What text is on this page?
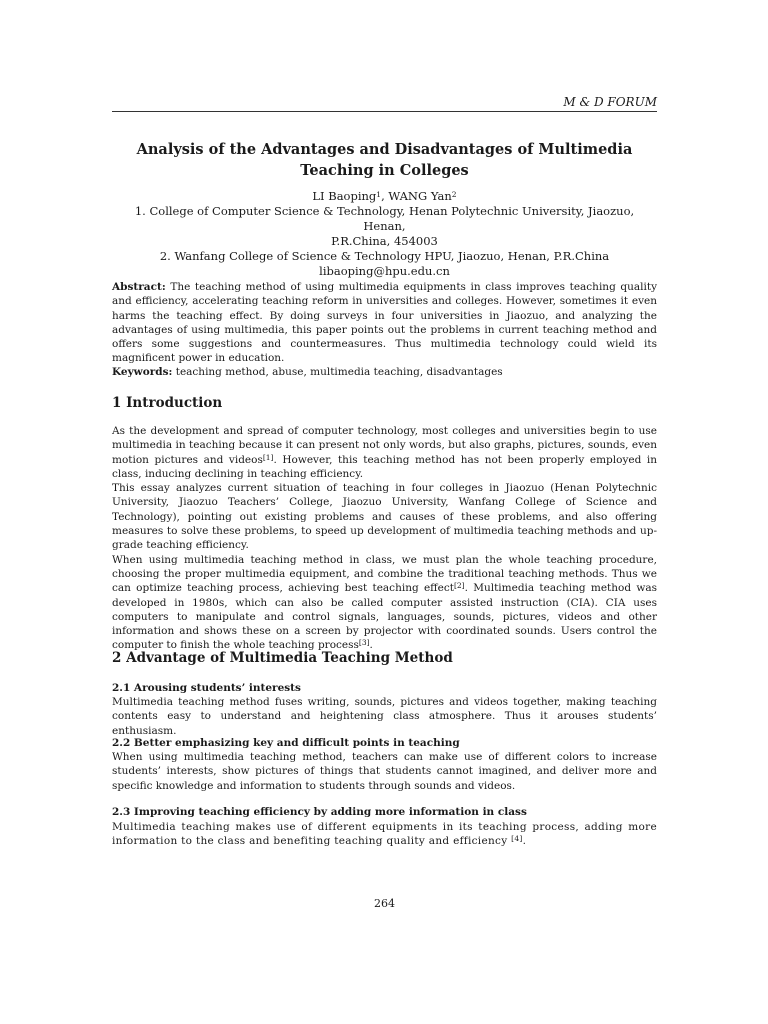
M & D FORUM
Analysis of the Advantages and Disadvantages of Multimedia
Teaching in Colleges
LI Baoping$^1$, WANG Yan$^2$
1. College of Computer Science & Technology, Henan Polytechnic University, Jiaozuo, Henan,
P.R.China, 454003
2. Wanfang College of Science & Technology HPU, Jiaozuo, Henan, P.R.China
libaoping@hpu.edu.cn
Abstract: The teaching method of using multimedia equipments in class improves teaching quality and efficiency, accelerating teaching reform in universities and colleges. However, sometimes it even harms the teaching effect. By doing surveys in four universities in Jiaozuo, and analyzing the advantages of using multimedia, this paper points out the problems in current teaching method and offers some suggestions and countermeasures. Thus multimedia technology could wield its magnificent power in education.
Keywords: teaching method, abuse, multimedia teaching, disadvantages
1 Introduction

As the development and spread of computer technology, most colleges and universities begin to use multimedia in teaching because it can present not only words, but also graphs, pictures, sounds, even motion pictures and videos[1]. However, this teaching method has not been properly employed in class, inducing declining in teaching efficiency.

This essay analyzes current situation of teaching in four colleges in Jiaozuo (Henan Polytechnic University, Jiaozuo Teachers’ College, Jiaozuo University, Wanfang College of Science and Technology), pointing out existing problems and causes of these problems, and also offering measures to solve these problems, to speed up development of multimedia teaching methods and up-grade teaching efficiency.

When using multimedia teaching method in class, we must plan the whole teaching procedure, choosing the proper multimedia equipment, and combine the traditional teaching methods. Thus we can optimize teaching process, achieving best teaching effect[2]. Multimedia teaching method was developed in 1980s, which can also be called computer assisted instruction (CIA). CIA uses computers to manipulate and control signals, languages, sounds, pictures, videos and other information and shows these on a screen by projector with coordinated sounds. Users control the computer to finish the whole teaching process[3].

2 Advantage of Multimedia Teaching Method
2.1 Arousing students’ interests
Multimedia teaching method fuses writing, sounds, pictures and videos together, making teaching contents easy to understand and heightening class atmosphere. Thus it arouses students’ enthusiasm.
2.2 Better emphasizing key and difficult points in teaching
When using multimedia teaching method, teachers can make use of different colors to increase students’ interests, show pictures of things that students cannot imagined, and deliver more and specific knowledge and information to students through sounds and videos.
2.3 Improving teaching efficiency by adding more information in class
Multimedia teaching makes use of different equipments in its teaching process, adding more information to the class and benefiting teaching quality and efficiency [4].
264
